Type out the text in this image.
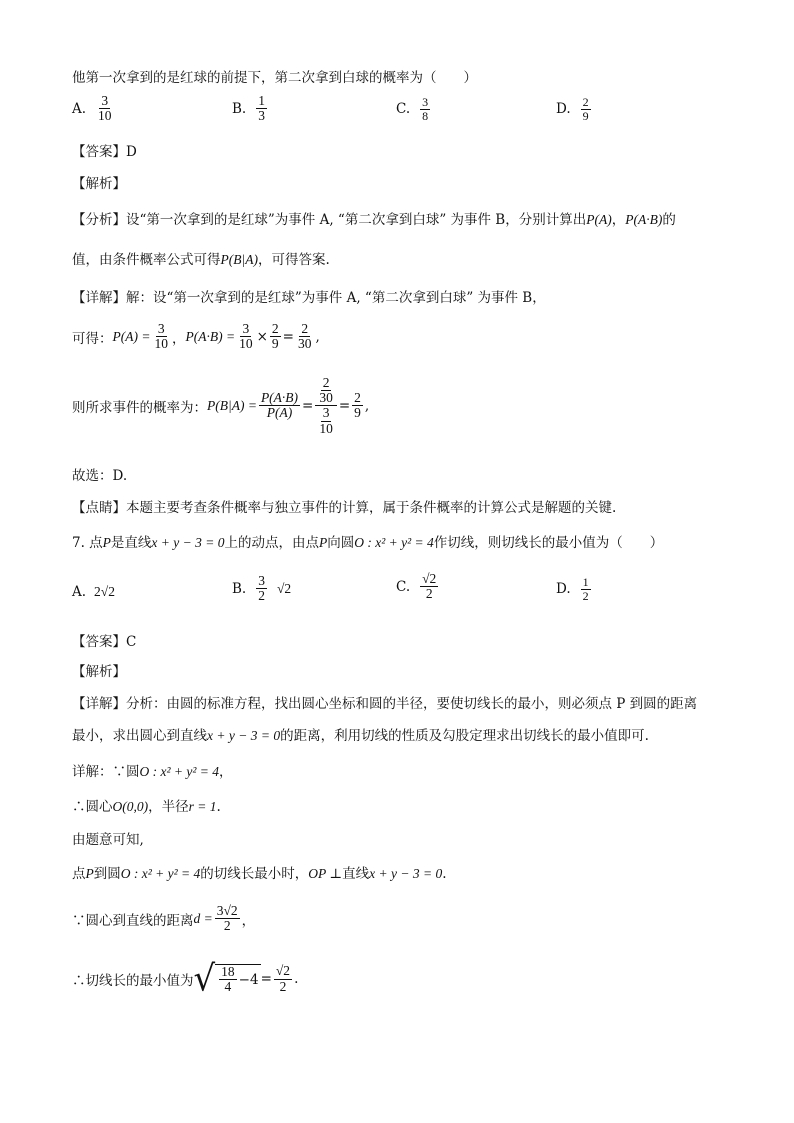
他第一次拿到的是红球的前提下，第二次拿到白球的概率为（　　）
A. $\frac{3}{10}$	B. $\frac{1}{3}$	C. $\frac{3}{8}$	D. $\frac{2}{9}$
【答案】D
【解析】
【分析】设“第一次拿到的是红球”为事件 A, “第二次拿到白球” 为事件 B，分别计算出P(A)，P(A·B)的
值，由条件概率公式可得P(B|A)，可得答案.
【详解】解：设“第一次拿到的是红球”为事件 A, “第二次拿到白球” 为事件 B，
可得： $P(A) = \frac{3}{10}$ ， $P(A\cdot B) = \frac{3}{10} \times \frac{2}{9} = \frac{2}{30}$ ,
则所求事件的概率为： $P(B|A) = \frac{P(A\cdot B)}{P(A)} = \frac{\frac{2}{30}}{\frac{3}{10}} = \frac{2}{9}$ ,
故选：D.
【点睛】本题主要考查条件概率与独立事件的计算，属于条件概率的计算公式是解题的关键.
7. 点P是直线x + y − 3 = 0上的动点，由点P向圆O : x² + y² = 4作切线，则切线长的最小值为（　　）
A. 2√2	B. $\frac{3}{2} √2$	C. $\frac{√2}{2}$	D. $\frac{1}{2}$
【答案】C
【解析】
【详解】分析：由圆的标准方程，找出圆心坐标和圆的半径，要使切线长的最小，则必须点 P 到圆的距离
最小，求出圆心到直线x + y − 3 = 0的距离，利用切线的性质及勾股定理求出切线长的最小值即可.
详解：∵圆O : x² + y² = 4，
∴圆心O(0,0)，半径r = 1.
由题意可知,
点P到圆O : x² + y² = 4的切线长最小时，OP ⊥直线x + y − 3 = 0.
∵圆心到直线的距离 $d = \frac{3√2}{2}$ ，
∴切线长的最小值为 √ $\frac{18}{4} -4 = \frac{√2}{2}$ .
